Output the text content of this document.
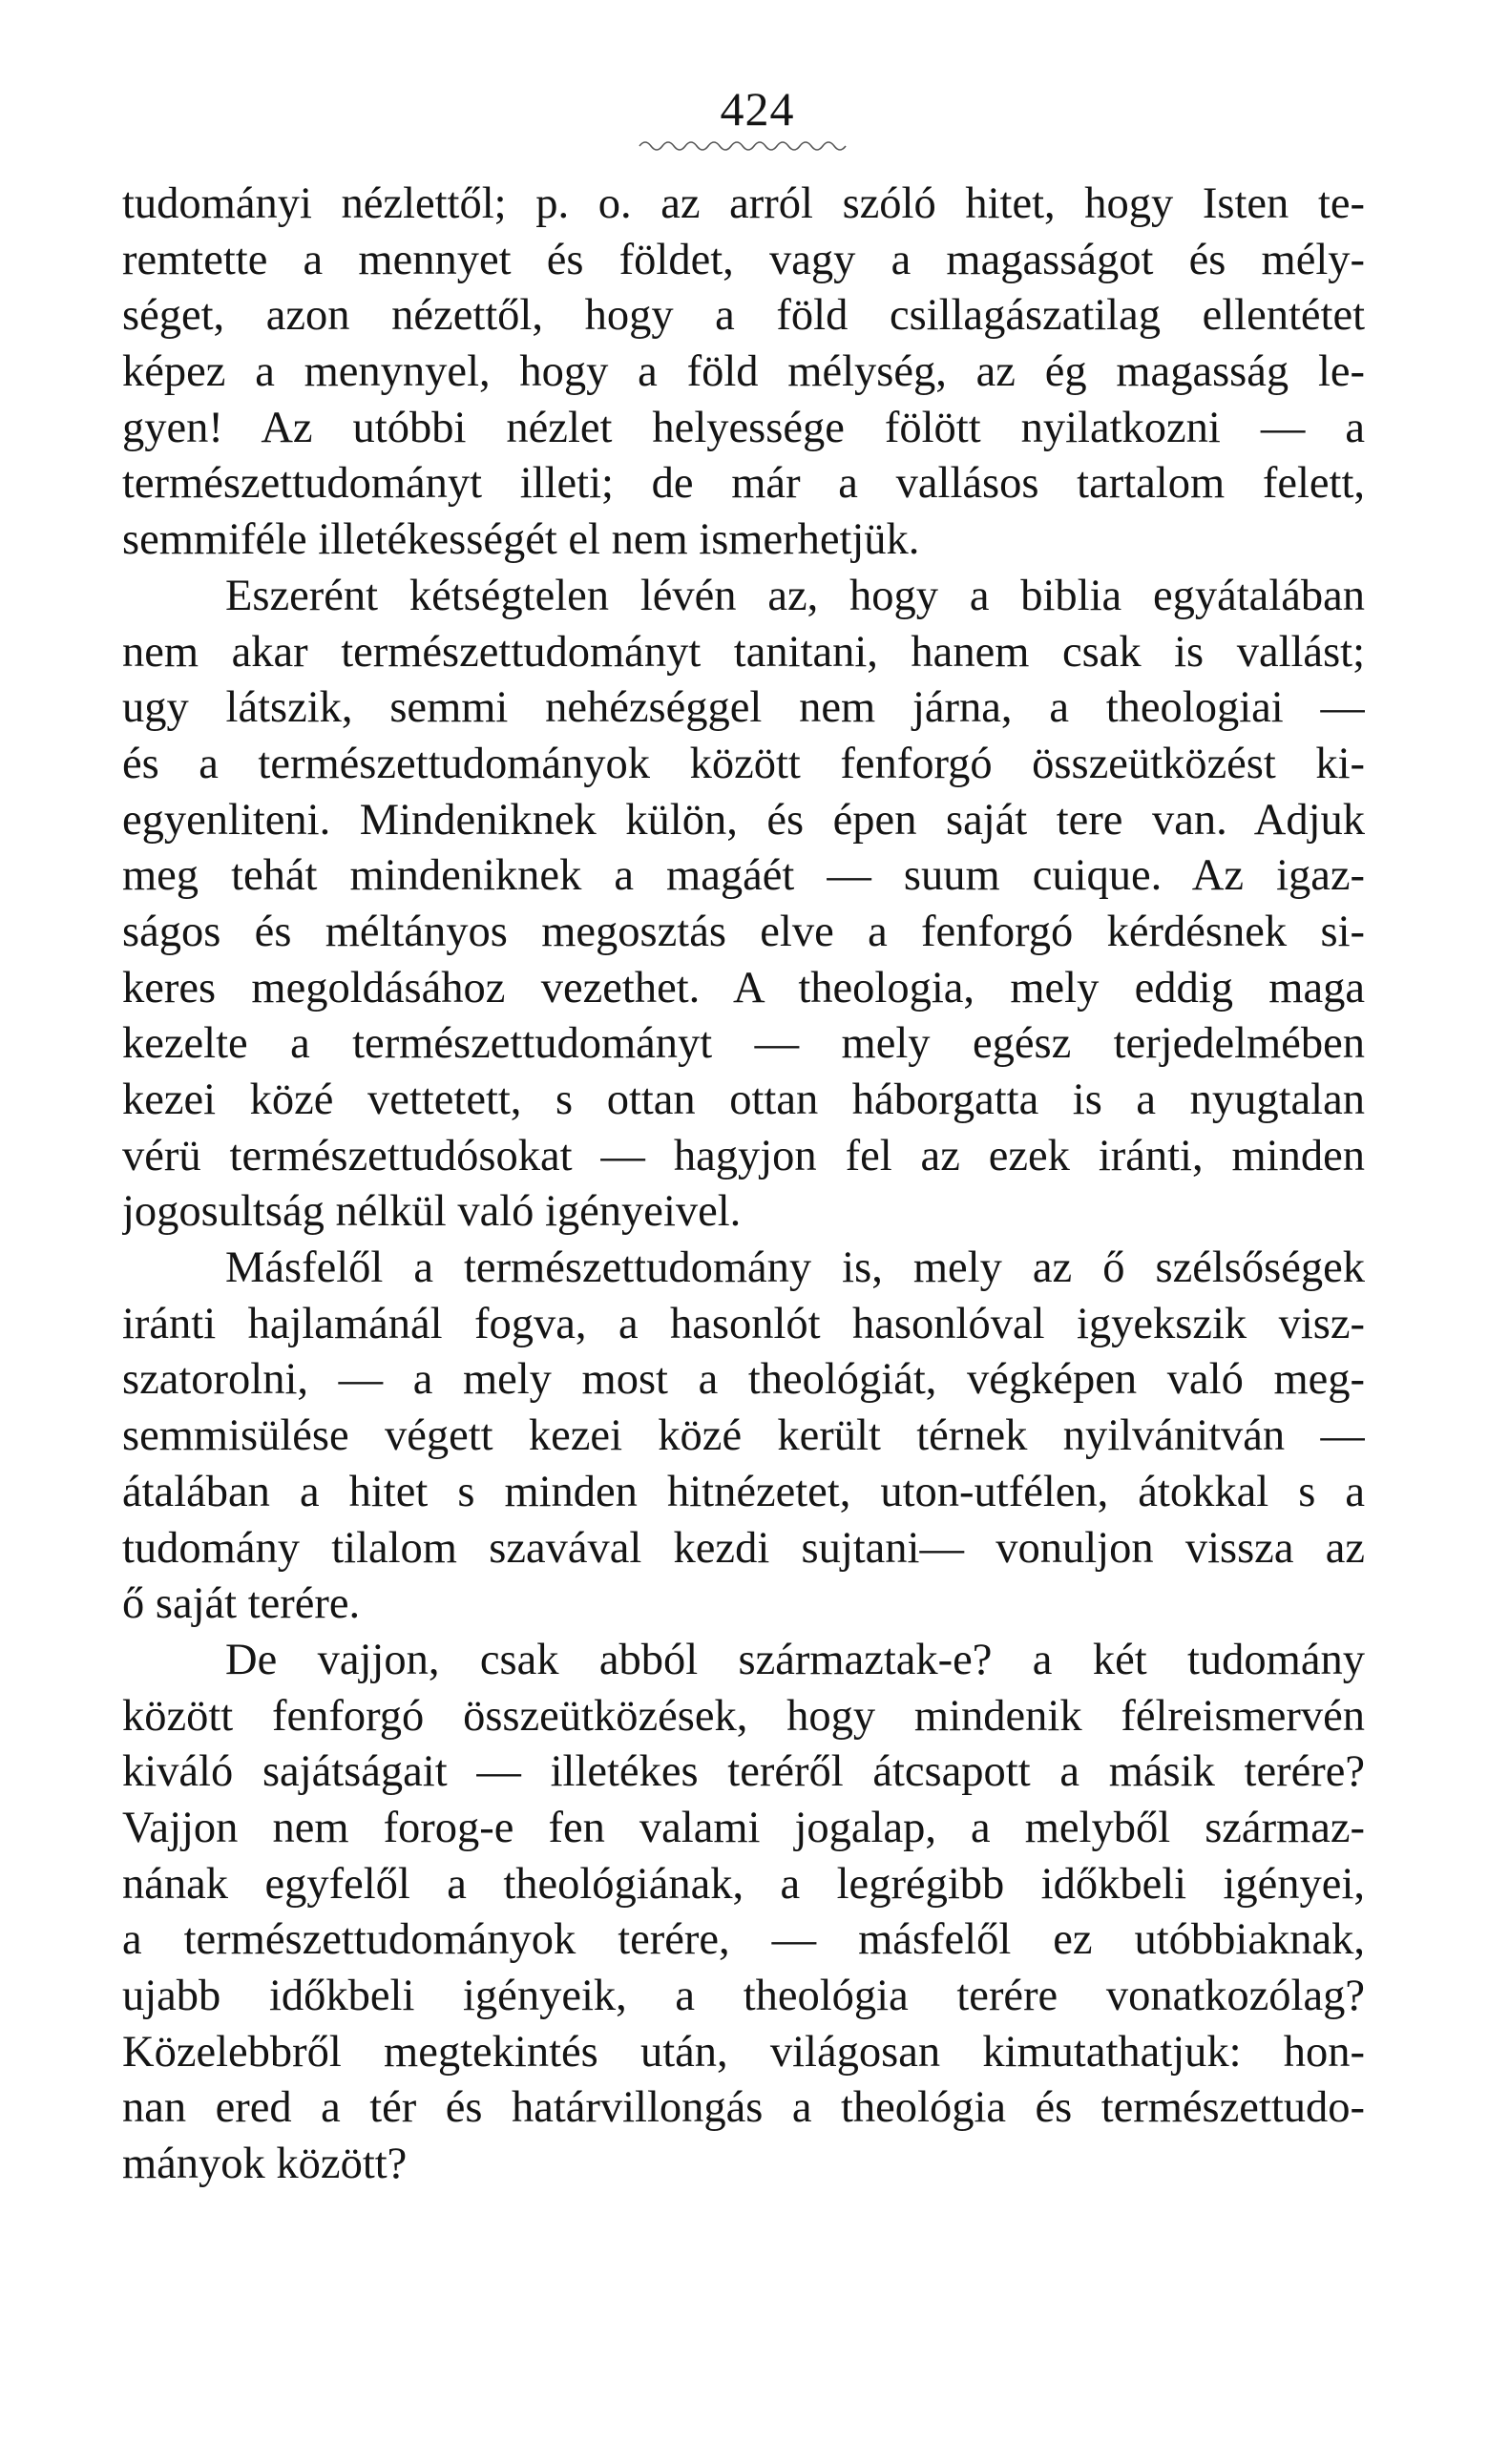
424
tudományi nézlettől; p. o. az arról szóló hitet, hogy Isten te-
remtette a mennyet és földet, vagy a magasságot és mély-
séget, azon nézettől, hogy a föld csillagászatilag ellentétet
képez a menynyel, hogy a föld mélység, az ég magasság le-
gyen! Az utóbbi nézlet helyessége fölött nyilatkozni — a
természettudományt illeti; de már a vallásos tartalom felett,
semmiféle illetékességét el nem ismerhetjük.
Eszerént kétségtelen lévén az, hogy a biblia egyátalában
nem akar természettudományt tanitani, hanem csak is vallást;
ugy látszik, semmi nehézséggel nem járna, a theologiai —
és a természettudományok között fenforgó összeütközést ki-
egyenliteni. Mindeniknek külön, és épen saját tere van. Adjuk
meg tehát mindeniknek a magáét — suum cuique. Az igaz-
ságos és méltányos megosztás elve a fenforgó kérdésnek si-
keres megoldásához vezethet. A theologia, mely eddig maga
kezelte a természettudományt — mely egész terjedelmében
kezei közé vettetett, s ottan ottan háborgatta is a nyugtalan
vérü természettudósokat — hagyjon fel az ezek iránti, minden
jogosultság nélkül való igényeivel.
Másfelől a természettudomány is, mely az ő szélsőségek
iránti hajlamánál fogva, a hasonlót hasonlóval igyekszik visz-
szatorolni, — a mely most a theológiát, végképen való meg-
semmisülése végett kezei közé került térnek nyilvánitván —
átalában a hitet s minden hitnézetet, uton-utfélen, átokkal s a
tudomány tilalom szavával kezdi sujtani— vonuljon vissza az
ő saját terére.
De vajjon, csak abból származtak-e? a két tudomány
között fenforgó összeütközések, hogy mindenik félreismervén
kiváló sajátságait — illetékes teréről átcsapott a másik terére?
Vajjon nem forog-e fen valami jogalap, a melyből származ-
nának egyfelől a theológiának, a legrégibb időkbeli igényei,
a természettudományok terére, — másfelől ez utóbbiaknak,
ujabb időkbeli igényeik, a theológia terére vonatkozólag?
Közelebbről megtekintés után, világosan kimutathatjuk: hon-
nan ered a tér és határvillongás a theológia és természettudo-
mányok között?
